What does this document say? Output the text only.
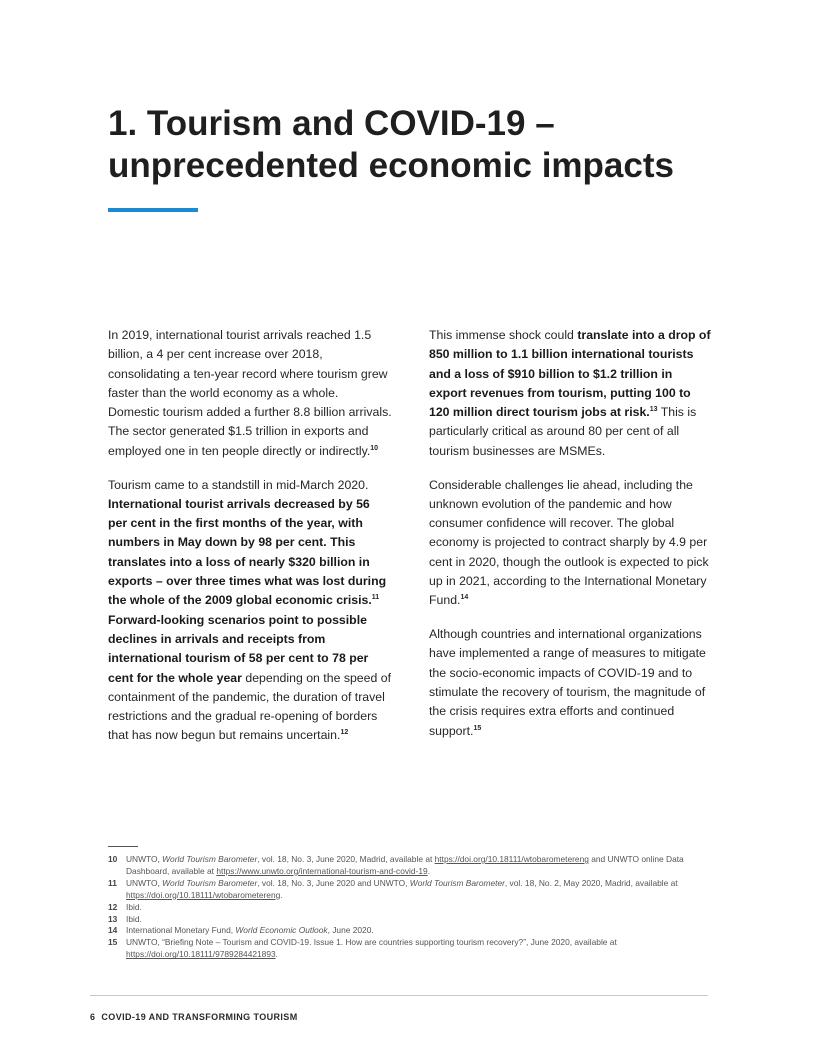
1. Tourism and COVID-19 –
unprecedented economic impacts

In 2019, international tourist arrivals reached 1.5 billion, a 4 per cent increase over 2018, consolidating a ten-year record where tourism grew faster than the world economy as a whole. Domestic tourism added a further 8.8 billion arrivals. The sector generated $1.5 trillion in exports and employed one in ten people directly or indirectly.$^{10}$

Tourism came to a standstill in mid-March 2020. International tourist arrivals decreased by 56 per cent in the first months of the year, with numbers in May down by 98 per cent. This translates into a loss of nearly $320 billion in exports – over three times what was lost during the whole of the 2009 global economic crisis.$^{11}$ Forward-looking scenarios point to possible declines in arrivals and receipts from international tourism of 58 per cent to 78 per cent for the whole year depending on the speed of containment of the pandemic, the duration of travel restrictions and the gradual re-opening of borders that has now begun but remains uncertain.$^{12}$

This immense shock could translate into a drop of 850 million to 1.1 billion international tourists and a loss of $910 billion to $1.2 trillion in export revenues from tourism, putting 100 to 120 million direct tourism jobs at risk.$^{13}$ This is particularly critical as around 80 per cent of all tourism businesses are MSMEs.

Considerable challenges lie ahead, including the unknown evolution of the pandemic and how consumer confidence will recover. The global economy is projected to contract sharply by 4.9 per cent in 2020, though the outlook is expected to pick up in 2021, according to the International Monetary Fund.$^{14}$

Although countries and international organizations have implemented a range of measures to mitigate the socio-economic impacts of COVID-19 and to stimulate the recovery of tourism, the magnitude of the crisis requires extra efforts and continued support.$^{15}$

10	UNWTO, World Tourism Barometer, vol. 18, No. 3, June 2020, Madrid, available at https://doi.org/10.18111/wtobarometereng and UNWTO online Data Dashboard, available at https://www.unwto.org/international-tourism-and-covid-19.
11	UNWTO, World Tourism Barometer, vol. 18, No. 3, June 2020 and UNWTO, World Tourism Barometer, vol. 18, No. 2, May 2020, Madrid, available at https://doi.org/10.18111/wtobarometereng.
12	Ibid.
13	Ibid.
14	International Monetary Fund, World Economic Outlook, June 2020.
15	UNWTO, “Briefing Note – Tourism and COVID-19. Issue 1. How are countries supporting tourism recovery?”, June 2020, available at https://doi.org/10.18111/9789284421893.
6 COVID-19 AND TRANSFORMING TOURISM
